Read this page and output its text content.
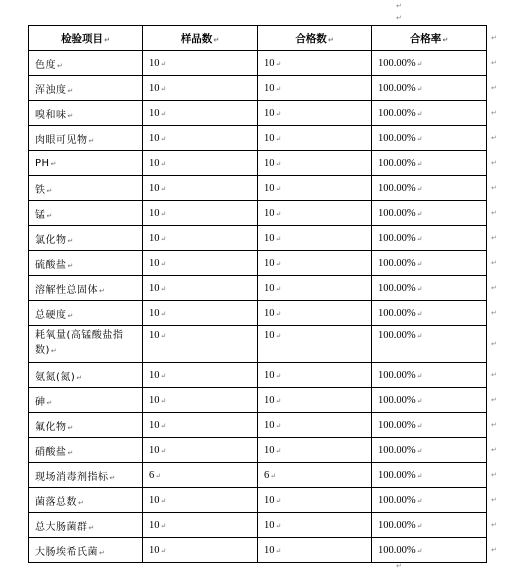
↵
↵
↵
检验项目↵	样品数↵	合格数↵	合格率↵
色度↵	10↵	10↵	100.00%↵
浑浊度↵	10↵	10↵	100.00%↵
嗅和味↵	10↵	10↵	100.00%↵
肉眼可见物↵	10↵	10↵	100.00%↵
PH↵	10↵	10↵	100.00%↵
铁↵	10↵	10↵	100.00%↵
锰↵	10↵	10↵	100.00%↵
氯化物↵	10↵	10↵	100.00%↵
硫酸盐↵	10↵	10↵	100.00%↵
溶解性总固体↵	10↵	10↵	100.00%↵
总硬度↵	10↵	10↵	100.00%↵
耗氧量(高锰酸盐指数)↵	10↵	10↵	100.00%↵
氨氮(氮)↵	10↵	10↵	100.00%↵
砷↵	10↵	10↵	100.00%↵
氟化物↵	10↵	10↵	100.00%↵
硝酸盐↵	10↵	10↵	100.00%↵
现场消毒剂指标↵	6↵	6↵	100.00%↵
菌落总数↵	10↵	10↵	100.00%↵
总大肠菌群↵	10↵	10↵	100.00%↵
大肠埃希氏菌↵	10↵	10↵	100.00%↵
↵
↵
↵
↵
↵
↵
↵
↵
↵
↵
↵
↵
↵
↵
↵
↵
↵
↵
↵
↵
↵
